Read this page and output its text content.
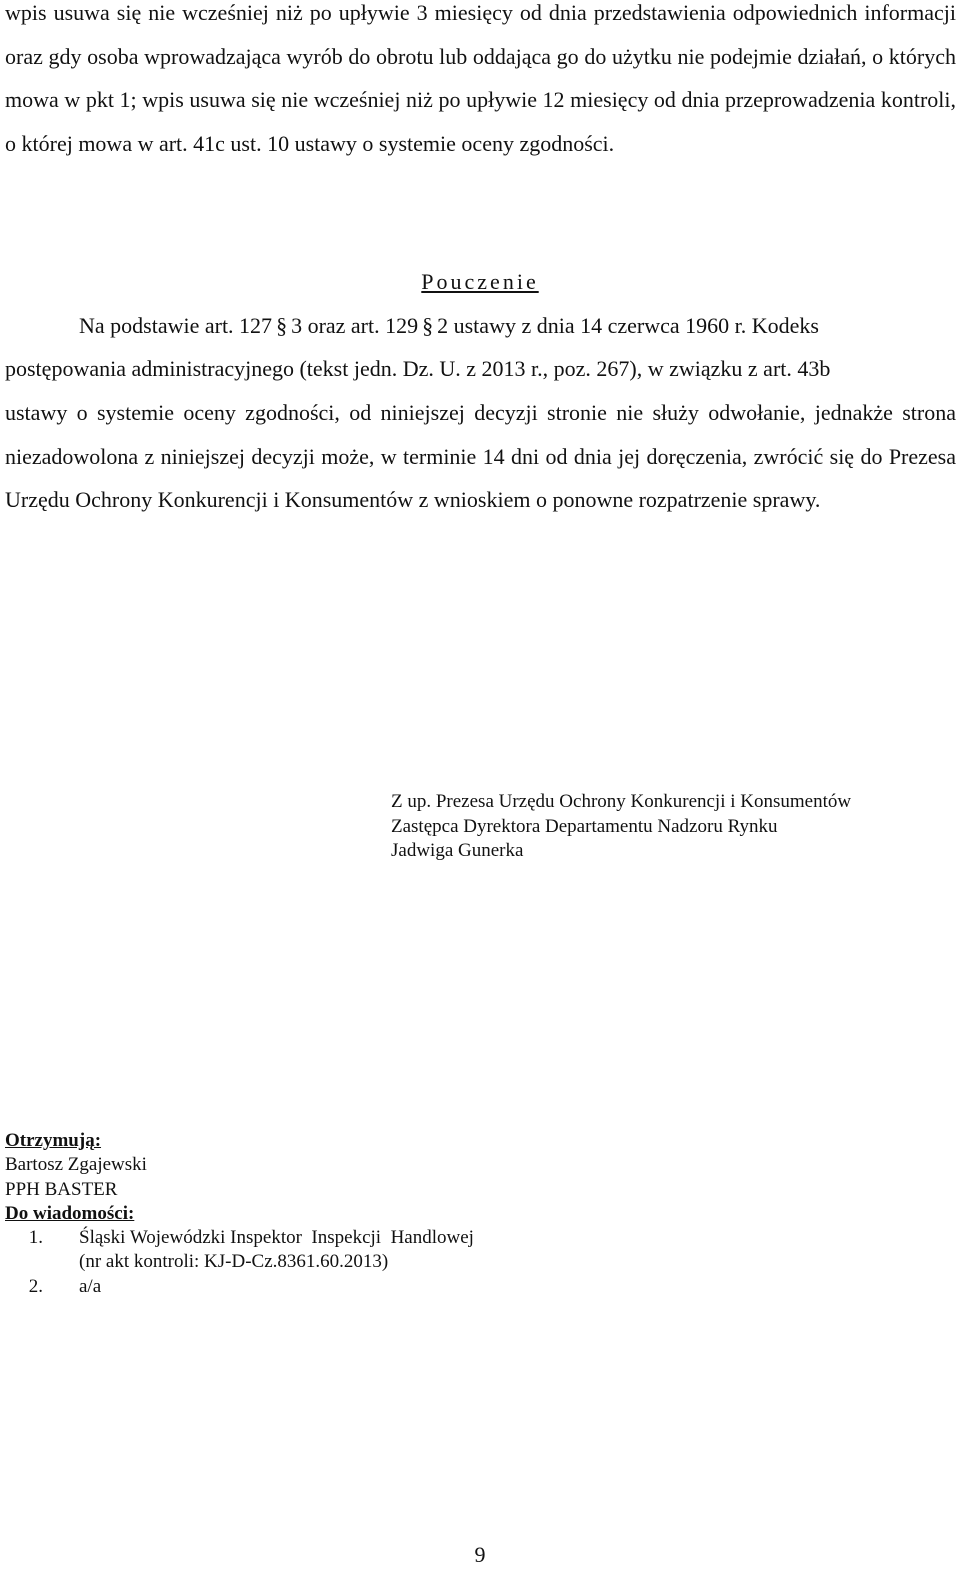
wpis usuwa się nie wcześniej niż po upływie 3 miesięcy od dnia przedstawienia odpowiednich informacji oraz gdy osoba wprowadzająca wyrób do obrotu lub oddająca go do użytku nie podejmie działań, o których mowa w pkt 1; wpis usuwa się nie wcześniej niż po upływie 12 miesięcy od dnia przeprowadzenia kontroli, o której mowa w art. 41c ust. 10 ustawy o systemie oceny zgodności.

Pouczenie

Na podstawie art. 127 § 3 oraz art. 129 § 2 ustawy z dnia 14 czerwca 1960 r. Kodeks

postępowania administracyjnego (tekst jedn. Dz. U. z 2013 r., poz. 267), w związku z art. 43b

ustawy o systemie oceny zgodności, od niniejszej decyzji stronie nie służy odwołanie, jednakże strona niezadowolona z niniejszej decyzji może, w terminie 14 dni od dnia jej doręczenia, zwrócić się do Prezesa Urzędu Ochrony Konkurencji i Konsumentów z wnioskiem o ponowne rozpatrzenie sprawy.

Z up. Prezesa Urzędu Ochrony Konkurencji i Konsumentów
Zastępca Dyrektora Departamentu Nadzoru Rynku
Jadwiga Gunerka
Otrzymują:
Bartosz Zgajewski
PPH BASTER
Do wiadomości:
1.	Śląski Wojewódzki Inspektor  Inspekcji  Handlowej
(nr akt kontroli: KJ-D-Cz.8361.60.2013)
2.	a/a
9
